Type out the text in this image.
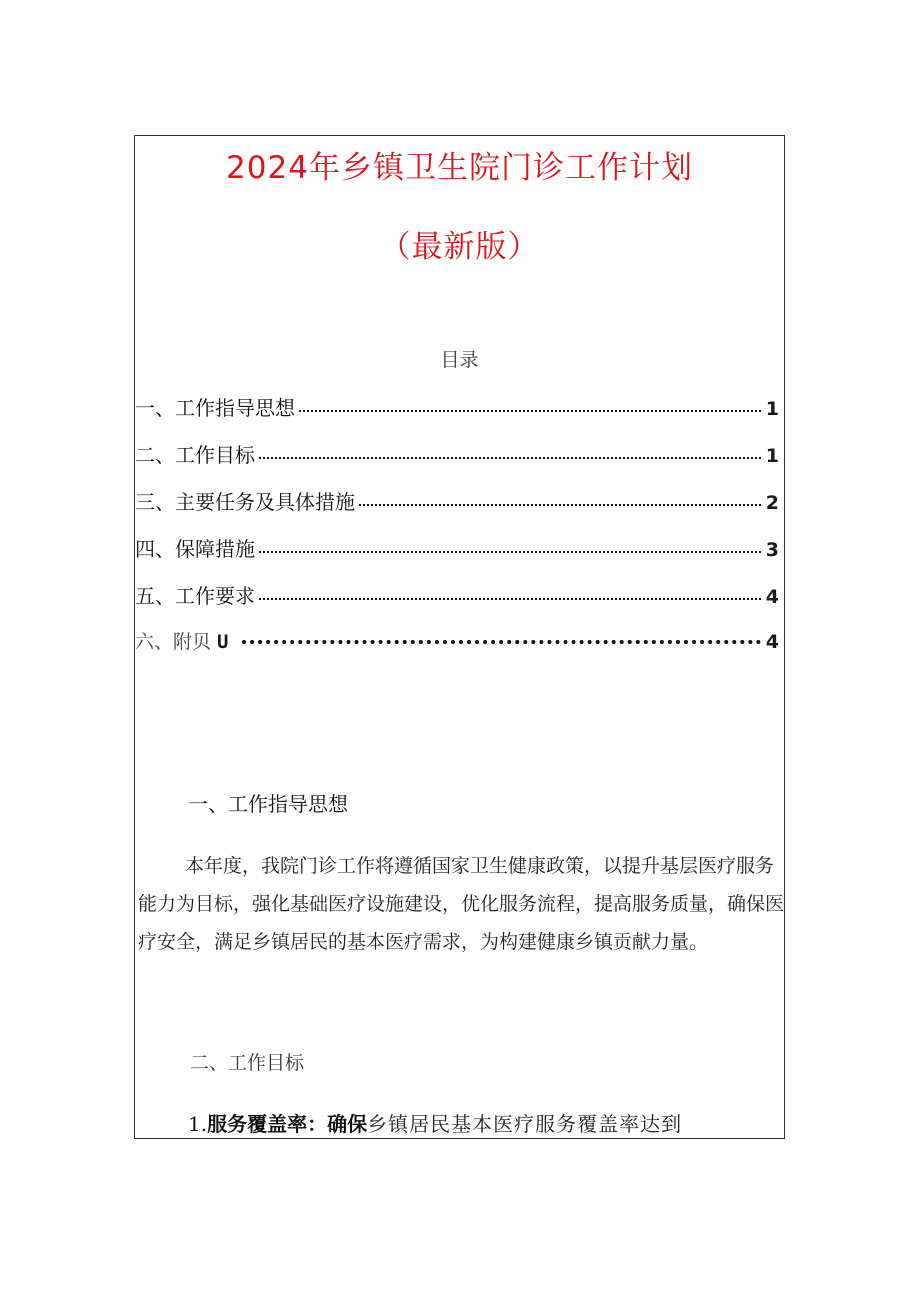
2024年乡镇卫生院门诊工作计划
（最新版）
目录
一、工作指导思想	1
二、工作目标	1
三、主要任务及具体措施	2
四、保障措施	3
五、工作要求	4
六、附贝 U	4
一、工作指导思想

本年度，我院门诊工作将遵循国家卫生健康政策，以提升基层医疗服务能力为目标，强化基础医疗设施建设，优化服务流程，提高服务质量，确保医疗安全，满足乡镇居民的基本医疗需求，为构建健康乡镇贡献力量。

二、工作目标
1.服务覆盖率：确保乡镇居民基本医疗服务覆盖率达到
